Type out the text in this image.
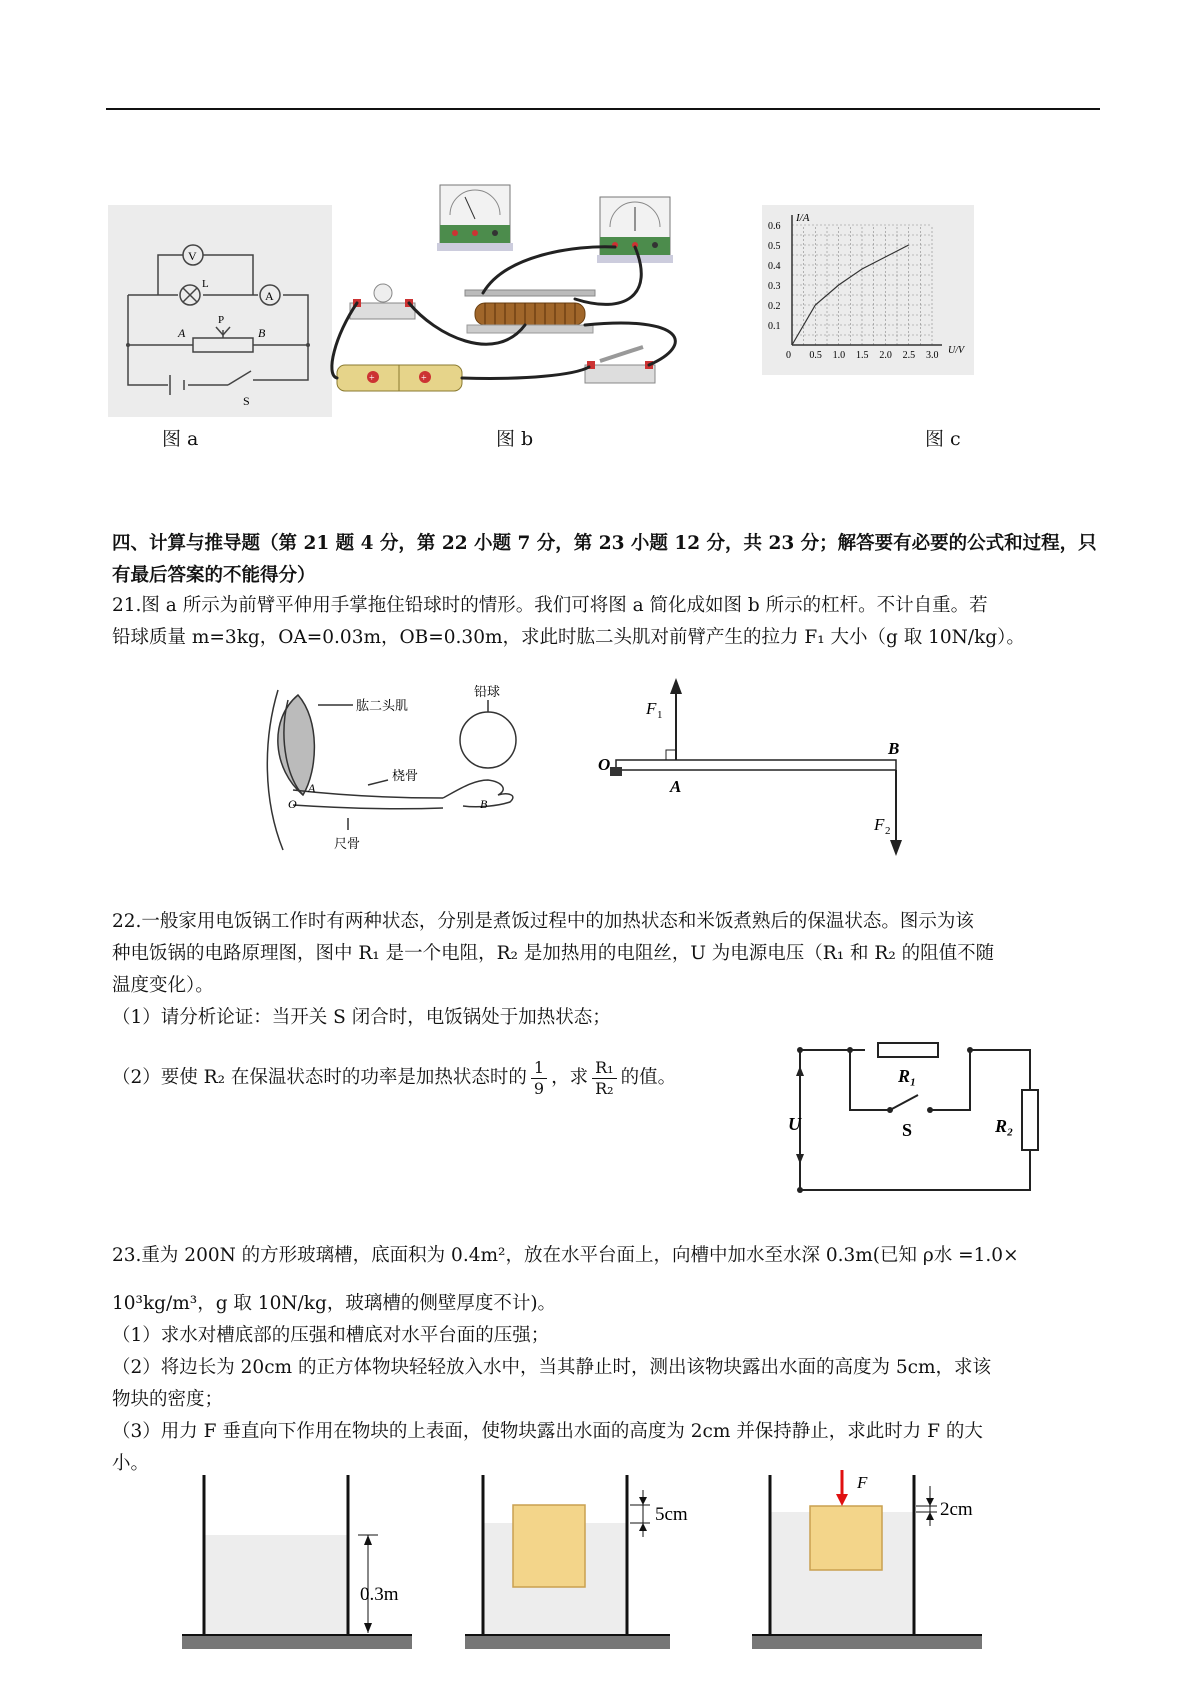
V
L
A
P
A	B
S
+	+
I/A
U/V
0.6
0.5
0.4
0.3
0.2
0.1
0 0.5 1.0 1.5 2.0 2.5 3.0
图 a	图 b	图 c
四、计算与推导题（第 21 题 4 分，第 22 小题 7 分，第 23 小题 12 分，共 23 分；解答要有必要的公式和过程，只有最后答案的不能得分）
21.图 a 所示为前臂平伸用手掌拖住铅球时的情形。我们可将图 a 简化成如图 b 所示的杠杆。不计自重。若
铅球质量 m=3kg，OA=0.03m，OB=0.30m，求此时肱二头肌对前臂产生的拉力 F₁ 大小（g 取 10N/kg）。
肱二头肌
铅球
桡骨
尺骨
A
B
O
F 1
O
A
B
F 2
22.一般家用电饭锅工作时有两种状态，分别是煮饭过程中的加热状态和米饭煮熟后的保温状态。图示为该
种电饭锅的电路原理图，图中 R₁ 是一个电阻，R₂ 是加热用的电阻丝，U 为电源电压（R₁ 和 R₂ 的阻值不随
温度变化）。
（1）请分析论证：当开关 S 闭合时，电饭锅处于加热状态；
（2）要使 R₂ 在保温状态时的功率是加热状态时的 $\frac{1}{9}$ ，求 $\frac{\text{R₁}}{\text{R₂}}$ 的值。	R₁
S	R₂
U
23.重为 200N 的方形玻璃槽，底面积为 0.4m²，放在水平台面上，向槽中加水至水深 0.3m(已知 ρ水 =1.0×
10³kg/m³，g 取 10N/kg，玻璃槽的侧壁厚度不计)。
（1）求水对槽底部的压强和槽底对水平台面的压强；
（2）将边长为 20cm 的正方体物块轻轻放入水中，当其静止时，测出该物块露出水面的高度为 5cm，求该
物块的密度；
（3）用力 F 垂直向下作用在物块的上表面，使物块露出水面的高度为 2cm 并保持静止，求此时力 F 的大
小。
0.3m
5cm
F
2cm
